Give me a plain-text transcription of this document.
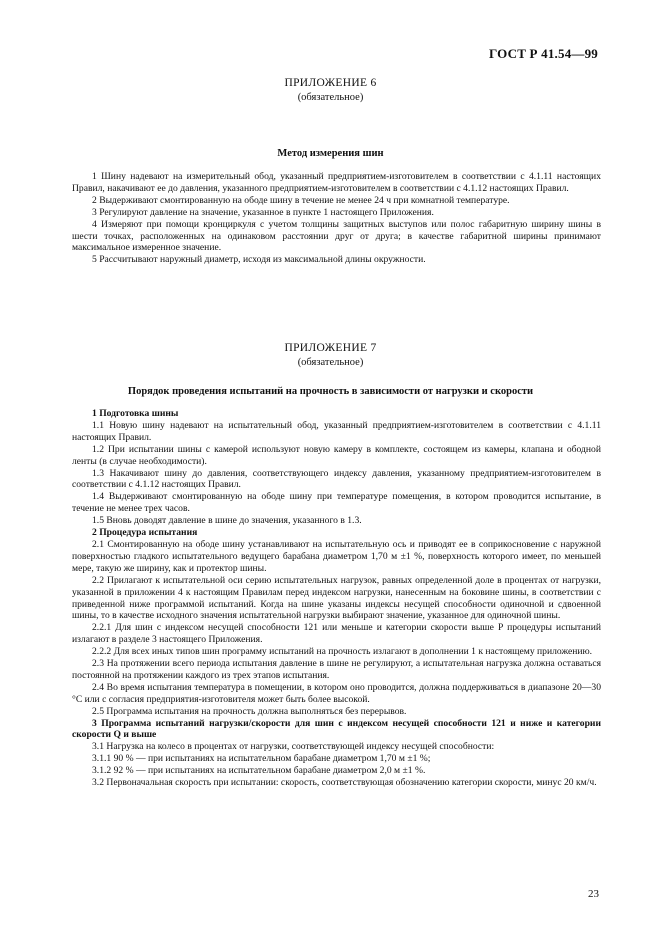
ГОСТ Р 41.54—99
ПРИЛОЖЕНИЕ 6
(обязательное)
Метод измерения шин

1 Шину надевают на измерительный обод, указанный предприятием-изготовителем в соответствии с 4.1.11 настоящих Правил, накачивают ее до давления, указанного предприятием-изготовителем в соответствии с 4.1.12 настоящих Правил.

2 Выдерживают смонтированную на ободе шину в течение не менее 24 ч при комнатной температуре.

3 Регулируют давление на значение, указанное в пункте 1 настоящего Приложения.

4 Измеряют при помощи кронциркуля с учетом толщины защитных выступов или полос габаритную ширину шины в шести точках, расположенных на одинаковом расстоянии друг от друга; в качестве габаритной ширины принимают максимальное измеренное значение.

5 Рассчитывают наружный диаметр, исходя из максимальной длины окружности.

ПРИЛОЖЕНИЕ 7
(обязательное)
Порядок проведения испытаний на прочность в зависимости от нагрузки и скорости

1 Подготовка шины

1.1 Новую шину надевают на испытательный обод, указанный предприятием-изготовителем в соответствии с 4.1.11 настоящих Правил.

1.2 При испытании шины с камерой используют новую камеру в комплекте, состоящем из камеры, клапана и ободной ленты (в случае необходимости).

1.3 Накачивают шину до давления, соответствующего индексу давления, указанному предприятием-изготовителем в соответствии с 4.1.12 настоящих Правил.

1.4 Выдерживают смонтированную на ободе шину при температуре помещения, в котором проводится испытание, в течение не менее трех часов.

1.5 Вновь доводят давление в шине до значения, указанного в 1.3.

2 Процедура испытания

2.1 Смонтированную на ободе шину устанавливают на испытательную ось и приводят ее в соприкосновение с наружной поверхностью гладкого испытательного ведущего барабана диаметром 1,70 м ±1 %, поверхность которого имеет, по меньшей мере, такую же ширину, как и протектор шины.

2.2 Прилагают к испытательной оси серию испытательных нагрузок, равных определенной доле в процентах от нагрузки, указанной в приложении 4 к настоящим Правилам перед индексом нагрузки, нанесенным на боковине шины, в соответствии с приведенной ниже программой испытаний. Когда на шине указаны индексы несущей способности одиночной и сдвоенной шины, то в качестве исходного значения испытательной нагрузки выбирают значение, указанное для одиночной шины.

2.2.1 Для шин с индексом несущей способности 121 или меньше и категории скорости выше P процедуры испытаний излагают в разделе 3 настоящего Приложения.

2.2.2 Для всех иных типов шин программу испытаний на прочность излагают в дополнении 1 к настоящему приложению.

2.3 На протяжении всего периода испытания давление в шине не регулируют, а испытательная нагрузка должна оставаться постоянной на протяжении каждого из трех этапов испытания.

2.4 Во время испытания температура в помещении, в котором оно проводится, должна поддерживаться в диапазоне 20—30 °C или с согласия предприятия-изготовителя может быть более высокой.

2.5 Программа испытания на прочность должна выполняться без перерывов.

3 Программа испытаний нагрузки/скорости для шин с индексом несущей способности 121 и ниже и категории скорости Q и выше

3.1 Нагрузка на колесо в процентах от нагрузки, соответствующей индексу несущей способности:

3.1.1 90 % — при испытаниях на испытательном барабане диаметром 1,70 м ±1 %;

3.1.2 92 % — при испытаниях на испытательном барабане диаметром 2,0 м ±1 %.

3.2 Первоначальная скорость при испытании: скорость, соответствующая обозначению категории скорости, минус 20 км/ч.

23
